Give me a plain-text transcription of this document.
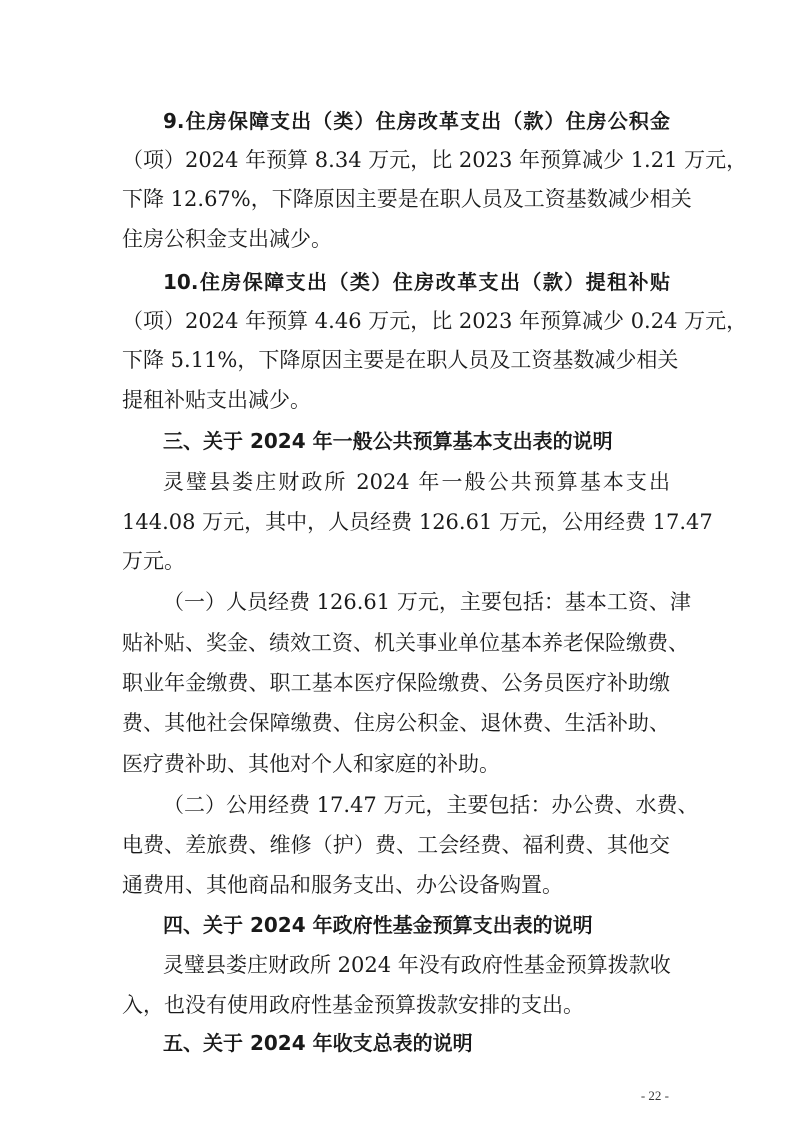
9.住房保障支出（类）住房改革支出（款）住房公积金
（项）2024 年预算 8.34 万元，比 2023 年预算减少 1.21 万元，
下降 12.67%，下降原因主要是在职人员及工资基数减少相关
住房公积金支出减少。
10.住房保障支出（类）住房改革支出（款）提租补贴
（项）2024 年预算 4.46 万元，比 2023 年预算减少 0.24 万元，
下降 5.11%，下降原因主要是在职人员及工资基数减少相关
提租补贴支出减少。
三、关于 2024 年一般公共预算基本支出表的说明
灵璧县娄庄财政所 2024 年一般公共预算基本支出
144.08 万元，其中，人员经费 126.61 万元，公用经费 17.47
万元。
（一）人员经费 126.61 万元，主要包括：基本工资、津
贴补贴、奖金、绩效工资、机关事业单位基本养老保险缴费、
职业年金缴费、职工基本医疗保险缴费、公务员医疗补助缴
费、其他社会保障缴费、住房公积金、退休费、生活补助、
医疗费补助、其他对个人和家庭的补助。
（二）公用经费 17.47 万元，主要包括：办公费、水费、
电费、差旅费、维修（护）费、工会经费、福利费、其他交
通费用、其他商品和服务支出、办公设备购置。
四、关于 2024 年政府性基金预算支出表的说明
灵璧县娄庄财政所 2024 年没有政府性基金预算拨款收
入，也没有使用政府性基金预算拨款安排的支出。
五、关于 2024 年收支总表的说明
- 22 -
